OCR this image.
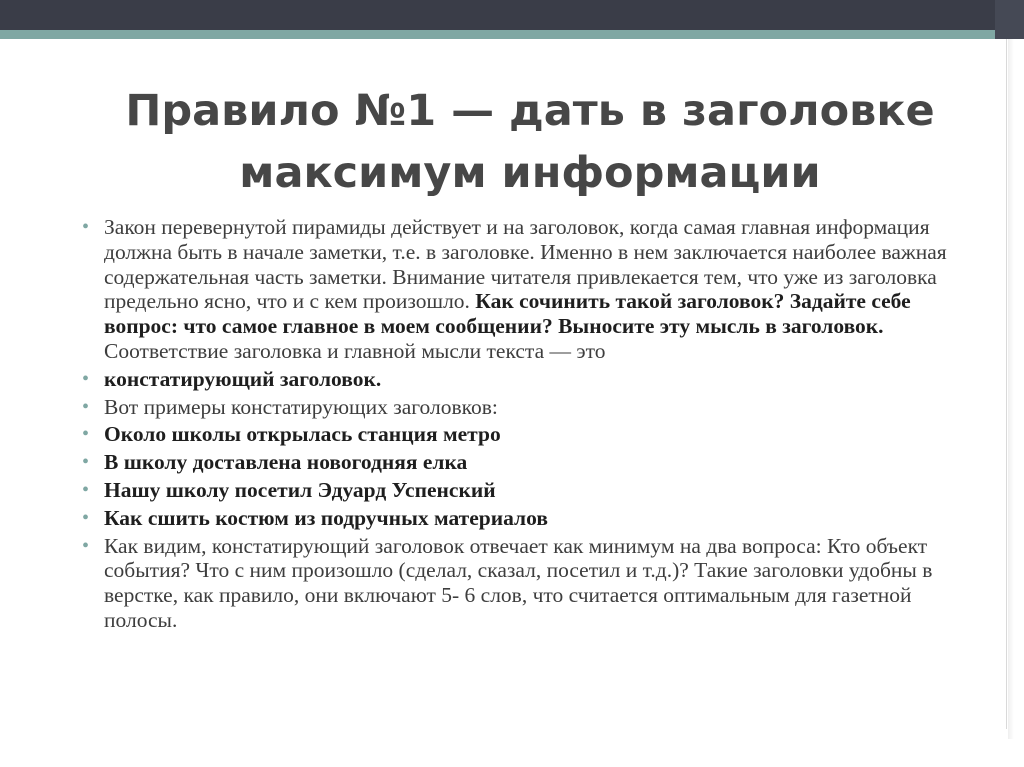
Правило №1 — дать в заголовке
максимум информации
• Закон перевернутой пирамиды действует и на заголовок, когда самая главная информация должна быть в начале заметки, т.е. в заголовке. Именно в нем заключается наиболее важная содержательная часть заметки. Внимание читателя привлекается тем, что уже из заголовка предельно ясно, что и с кем произошло. Как сочинить такой заголовок? Задайте себе вопрос: что самое главное в моем сообщении? Выносите эту мысль в заголовок. Соответствие заголовка и главной мысли текста — это
• констатирующий заголовок.
• Вот примеры констатирующих заголовков:
• Около школы открылась станция метро
• В школу доставлена новогодняя елка
• Нашу школу посетил Эдуард Успенский
• Как сшить костюм из подручных материалов
• Как видим, констатирующий заголовок отвечает как минимум на два вопроса: Кто объект события? Что с ним произошло (сделал, сказал, посетил и т.д.)? Такие заголовки удобны в верстке, как правило, они включают 5- 6 слов, что считается оптимальным для газетной полосы.
